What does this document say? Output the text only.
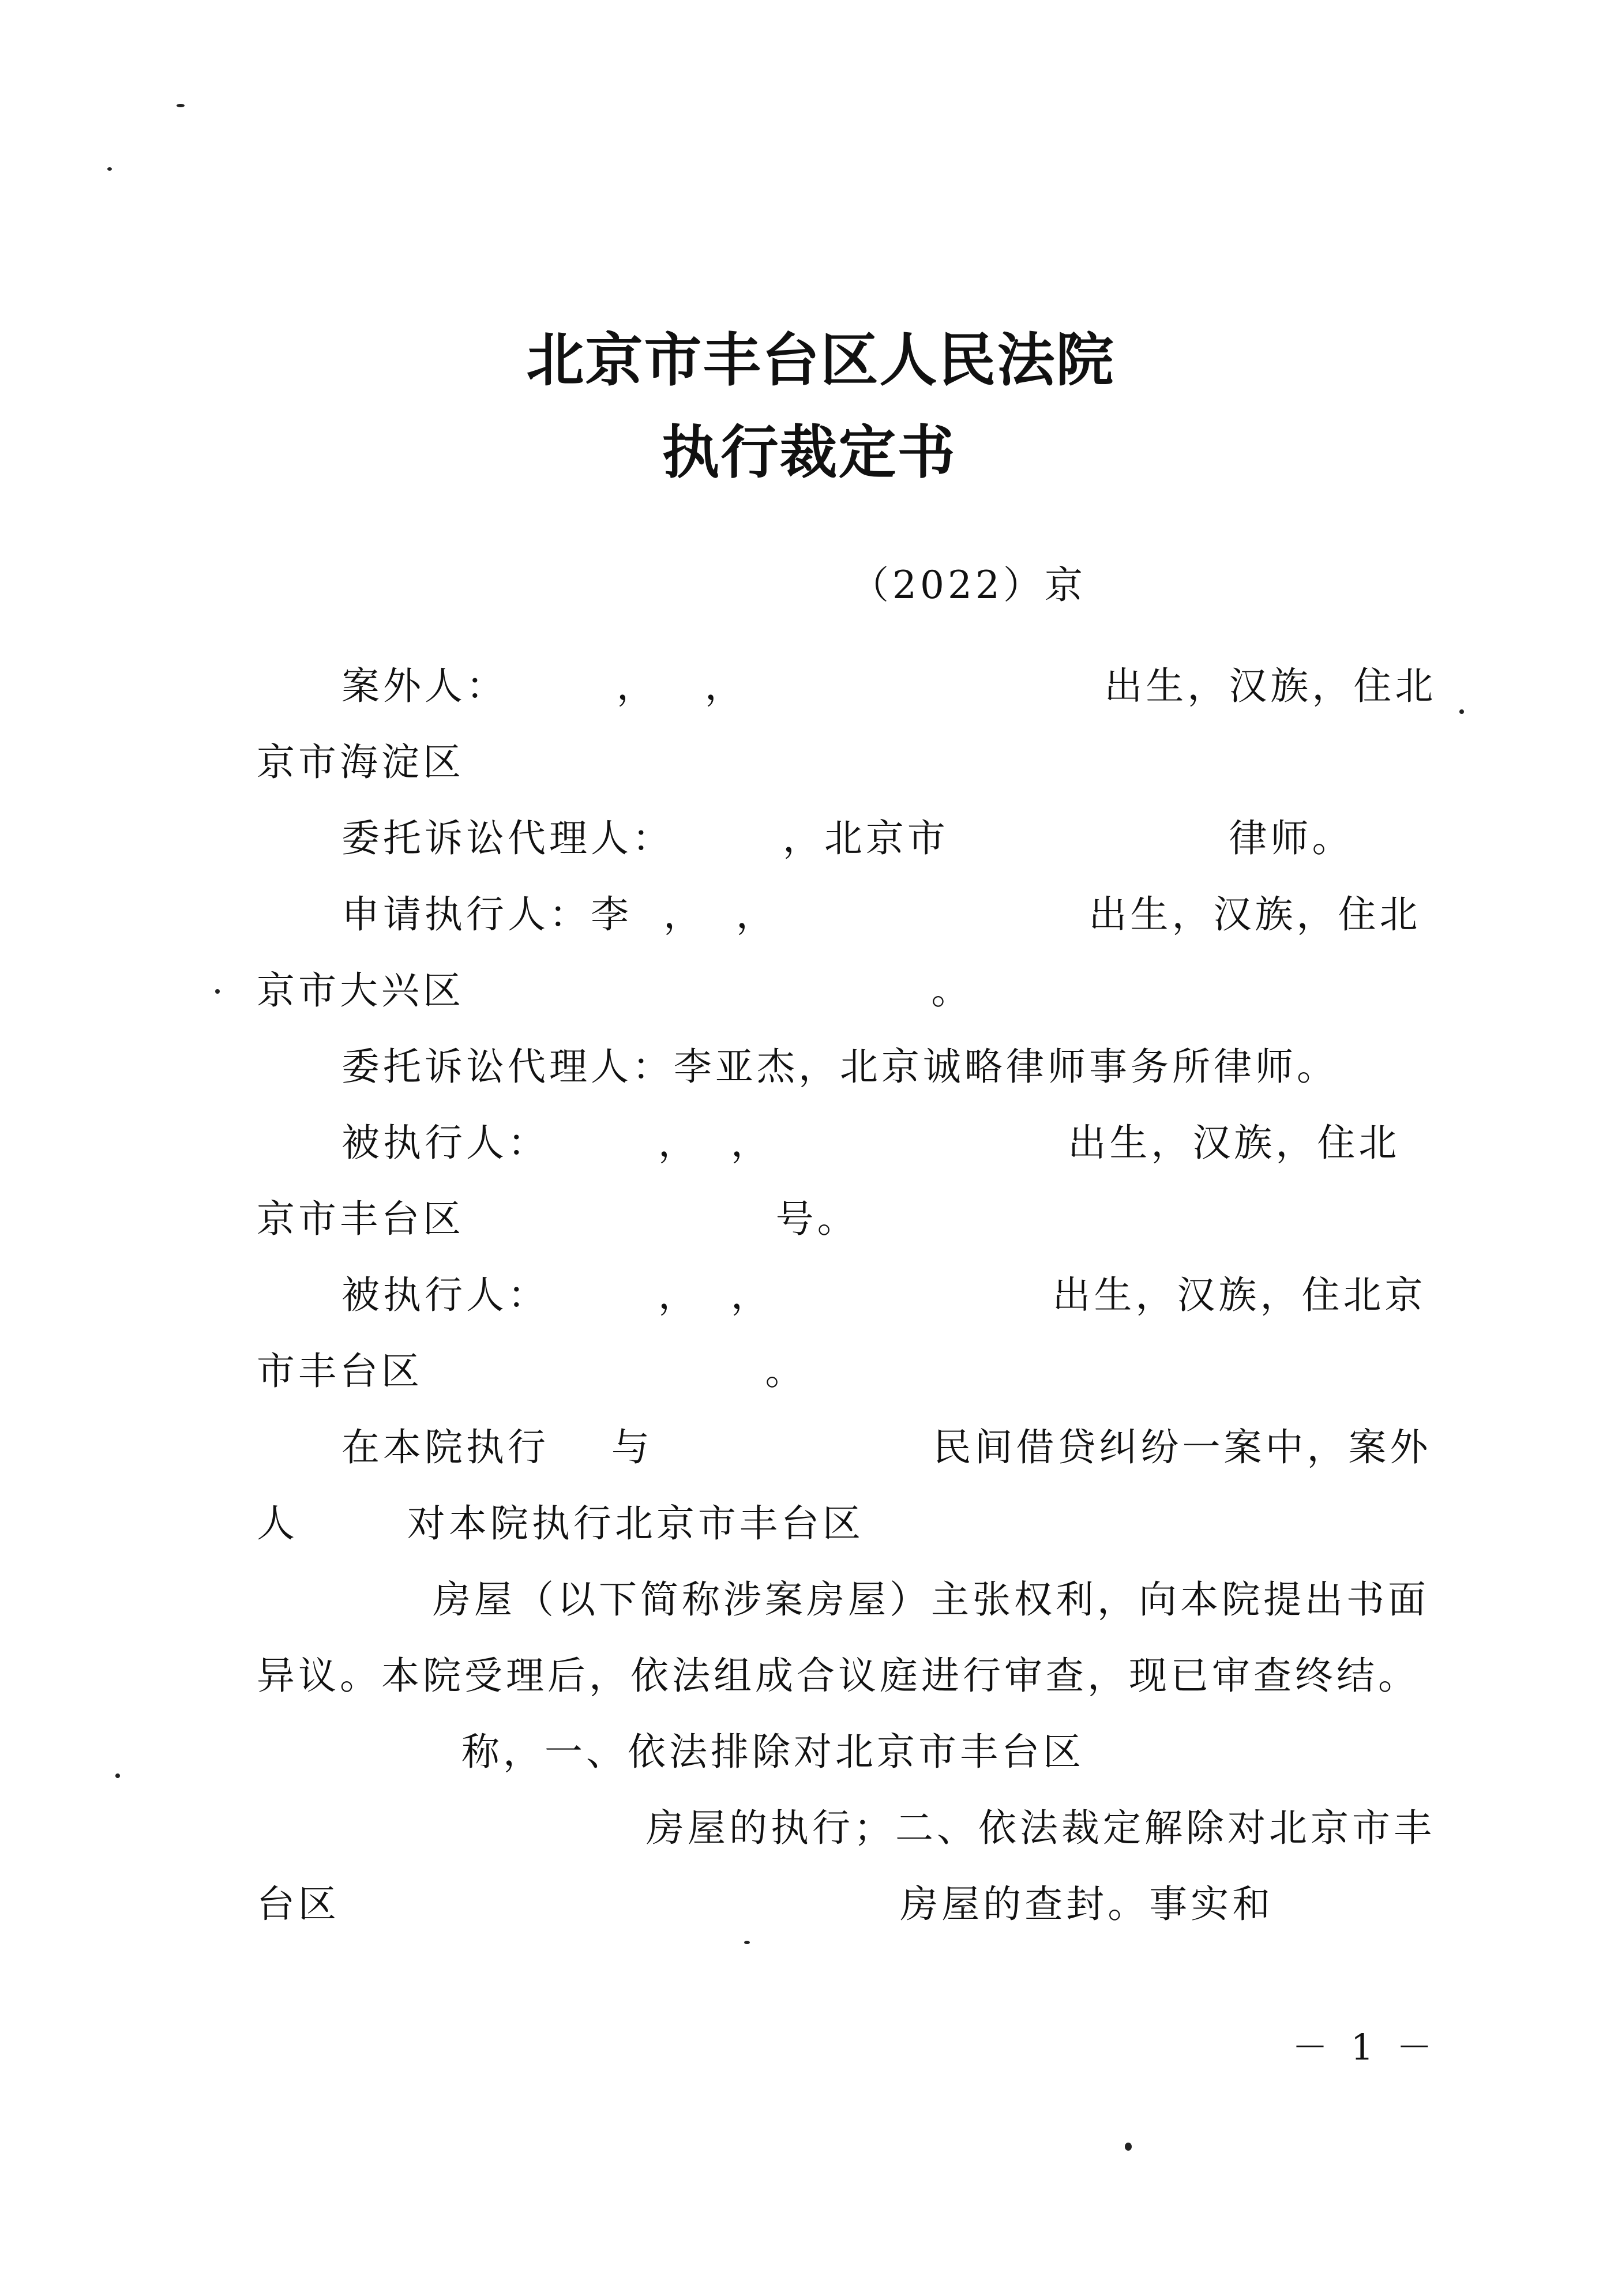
北京市丰台区人民法院
执行裁定书
（2022）京
案外人：       ，   ，                       出生，汉族，住北
京市海淀区
委托诉讼代理人：       ，北京市                  律师。
申请执行人：李  ，  ，                    出生，汉族，住北
京市大兴区                              。
委托诉讼代理人：李亚杰，北京诚略律师事务所律师。
被执行人：       ，  ，                   出生，汉族，住北
京市丰台区                    号。
被执行人：       ，  ，                  出生，汉族，住北京
市丰台区                      。
在本院执行    与                  民间借贷纠纷一案中，案外
人       对本院执行北京市丰台区
房屋（以下简称涉案房屋）主张权利，向本院提出书面
异议。本院受理后，依法组成合议庭进行审查，现已审查终结。
称，一、依法排除对北京市丰台区
房屋的执行；二、依法裁定解除对北京市丰
台区                                    房屋的查封。事实和
－ 1 －
